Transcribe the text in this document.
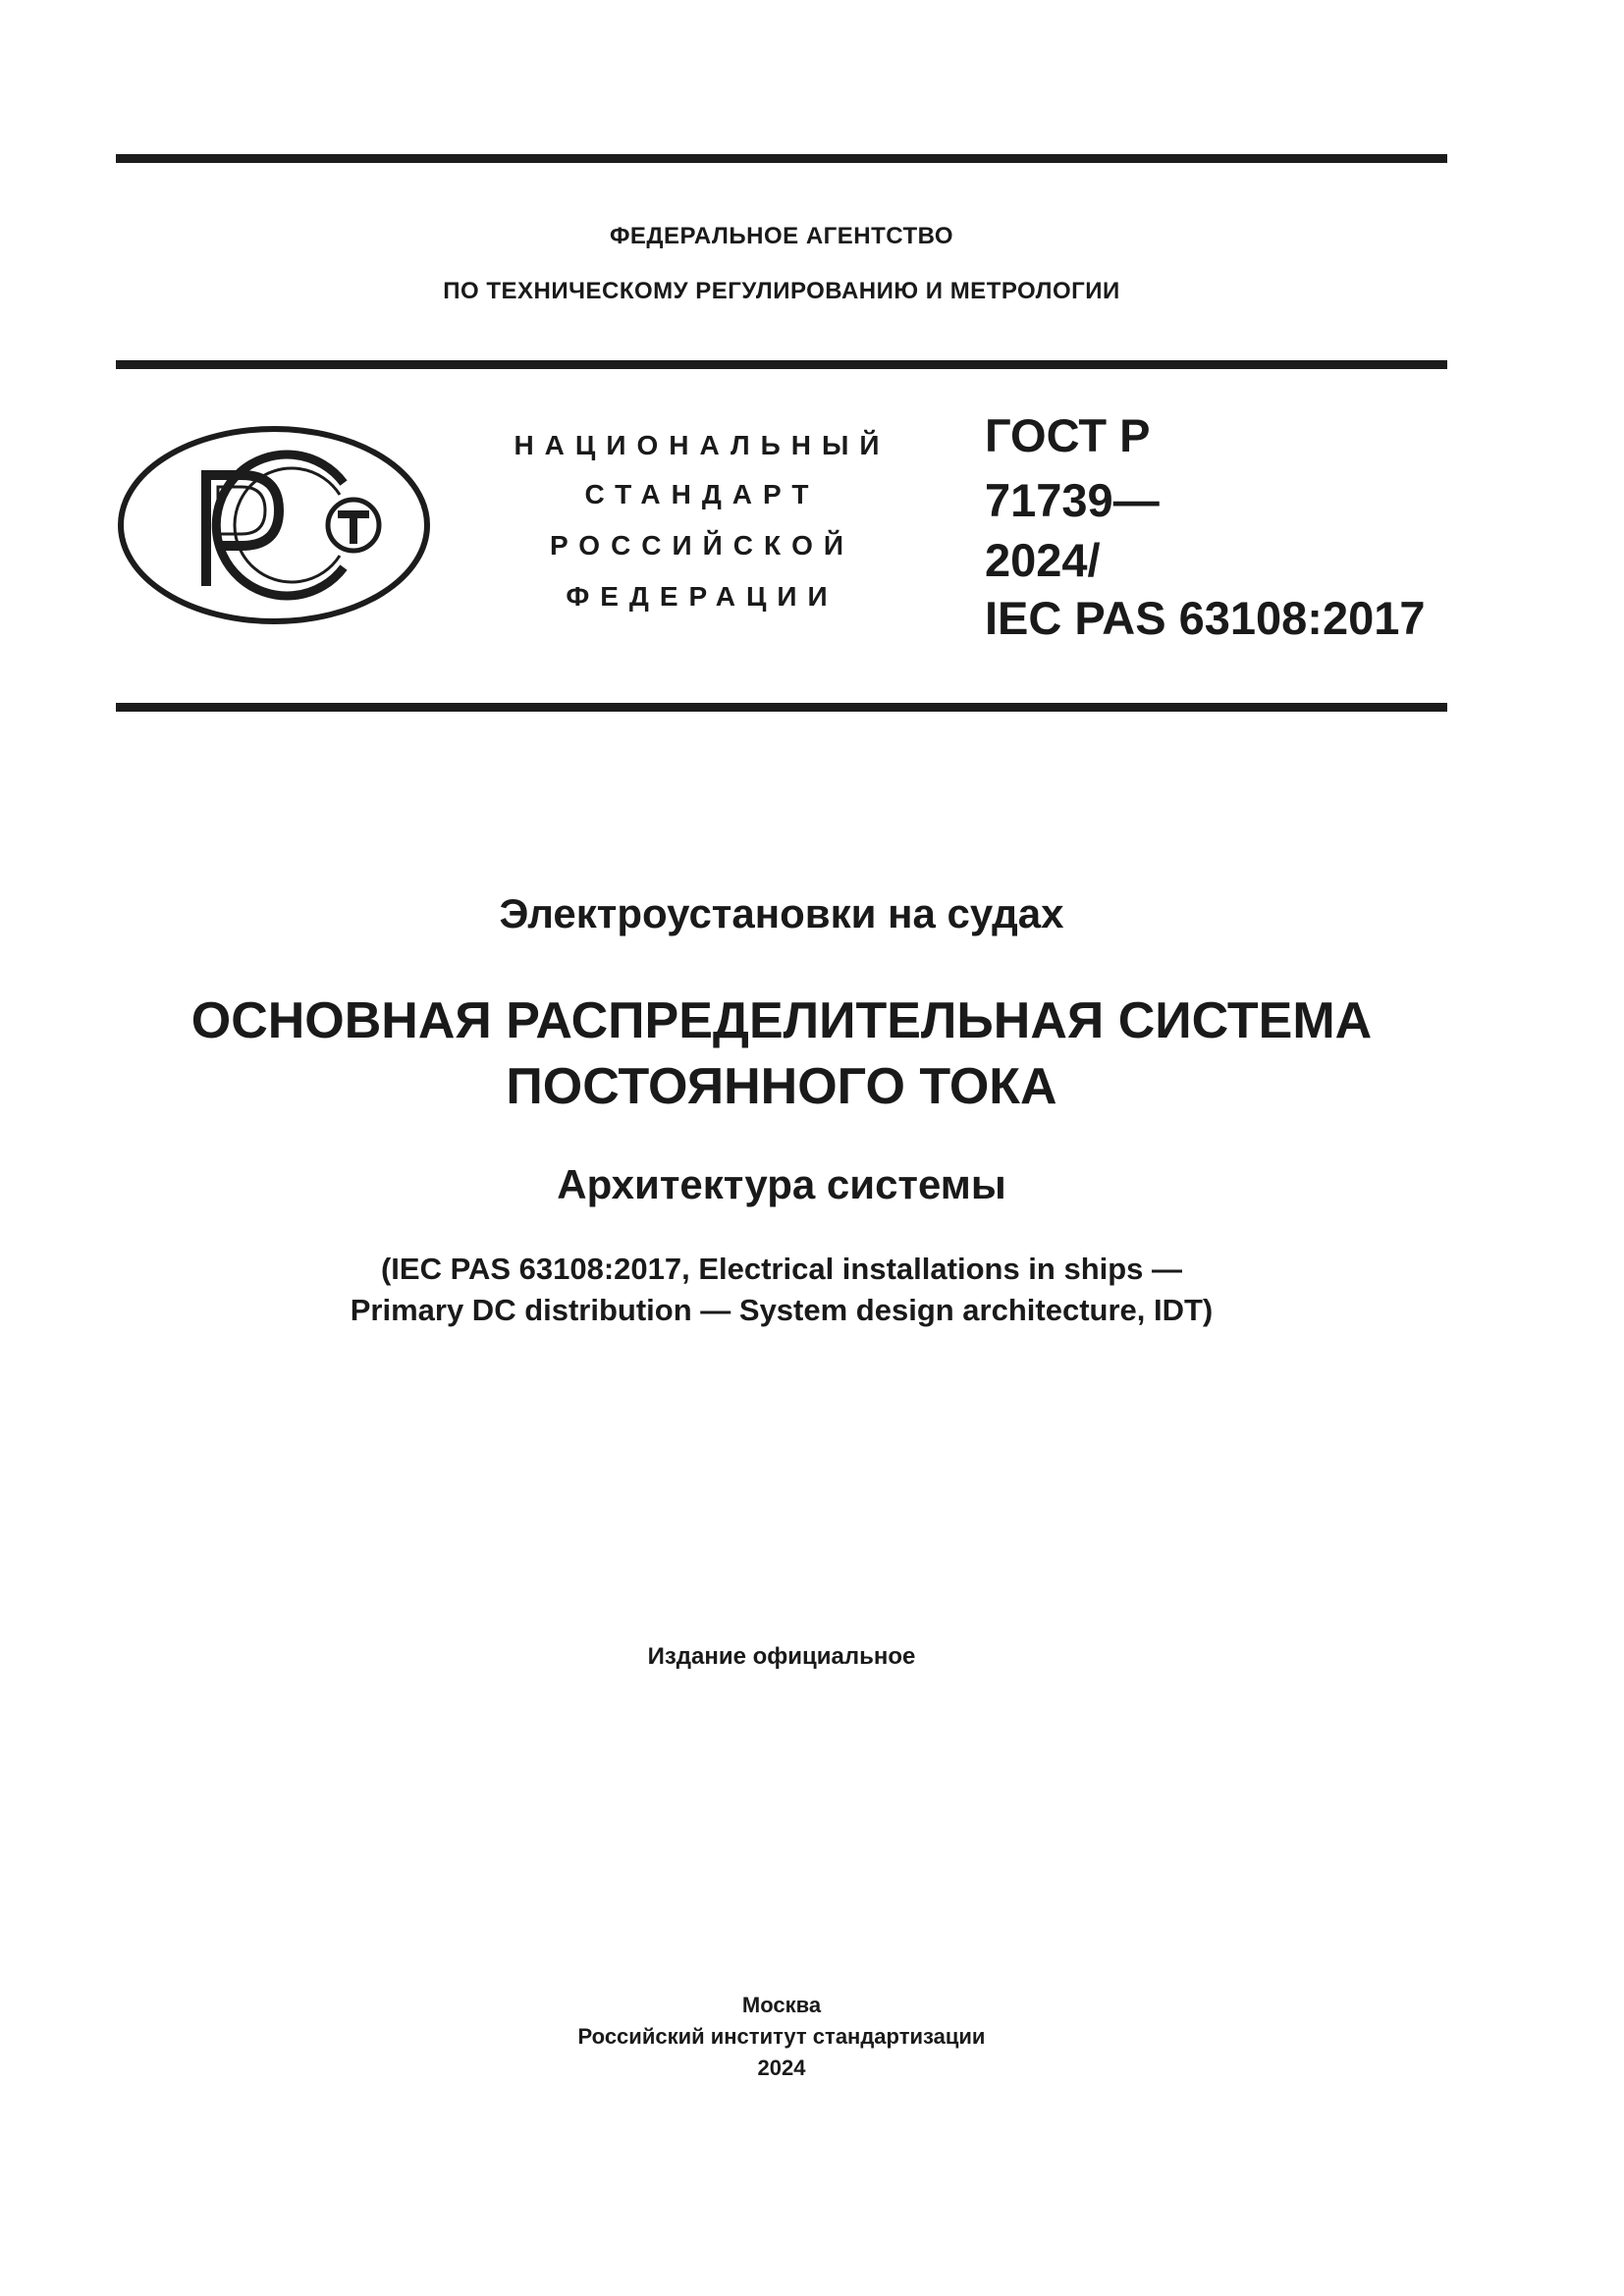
ФЕДЕРАЛЬНОЕ АГЕНТСТВО
ПО ТЕХНИЧЕСКОМУ РЕГУЛИРОВАНИЮ И МЕТРОЛОГИИ
НАЦИОНАЛЬНЫЙ
СТАНДАРТ
РОССИЙСКОЙ
ФЕДЕРАЦИИ
ГОСТ Р
71739—
2024/
IEC PAS 63108:2017
Электроустановки на судах
ОСНОВНАЯ РАСПРЕДЕЛИТЕЛЬНАЯ СИСТЕМА
ПОСТОЯННОГО ТОКА
Архитектура системы
(IEC PAS 63108:2017, Electrical installations in ships —
Primary DC distribution — System design architecture, IDT)
Издание официальное
Москва
Российский институт стандартизации
2024
